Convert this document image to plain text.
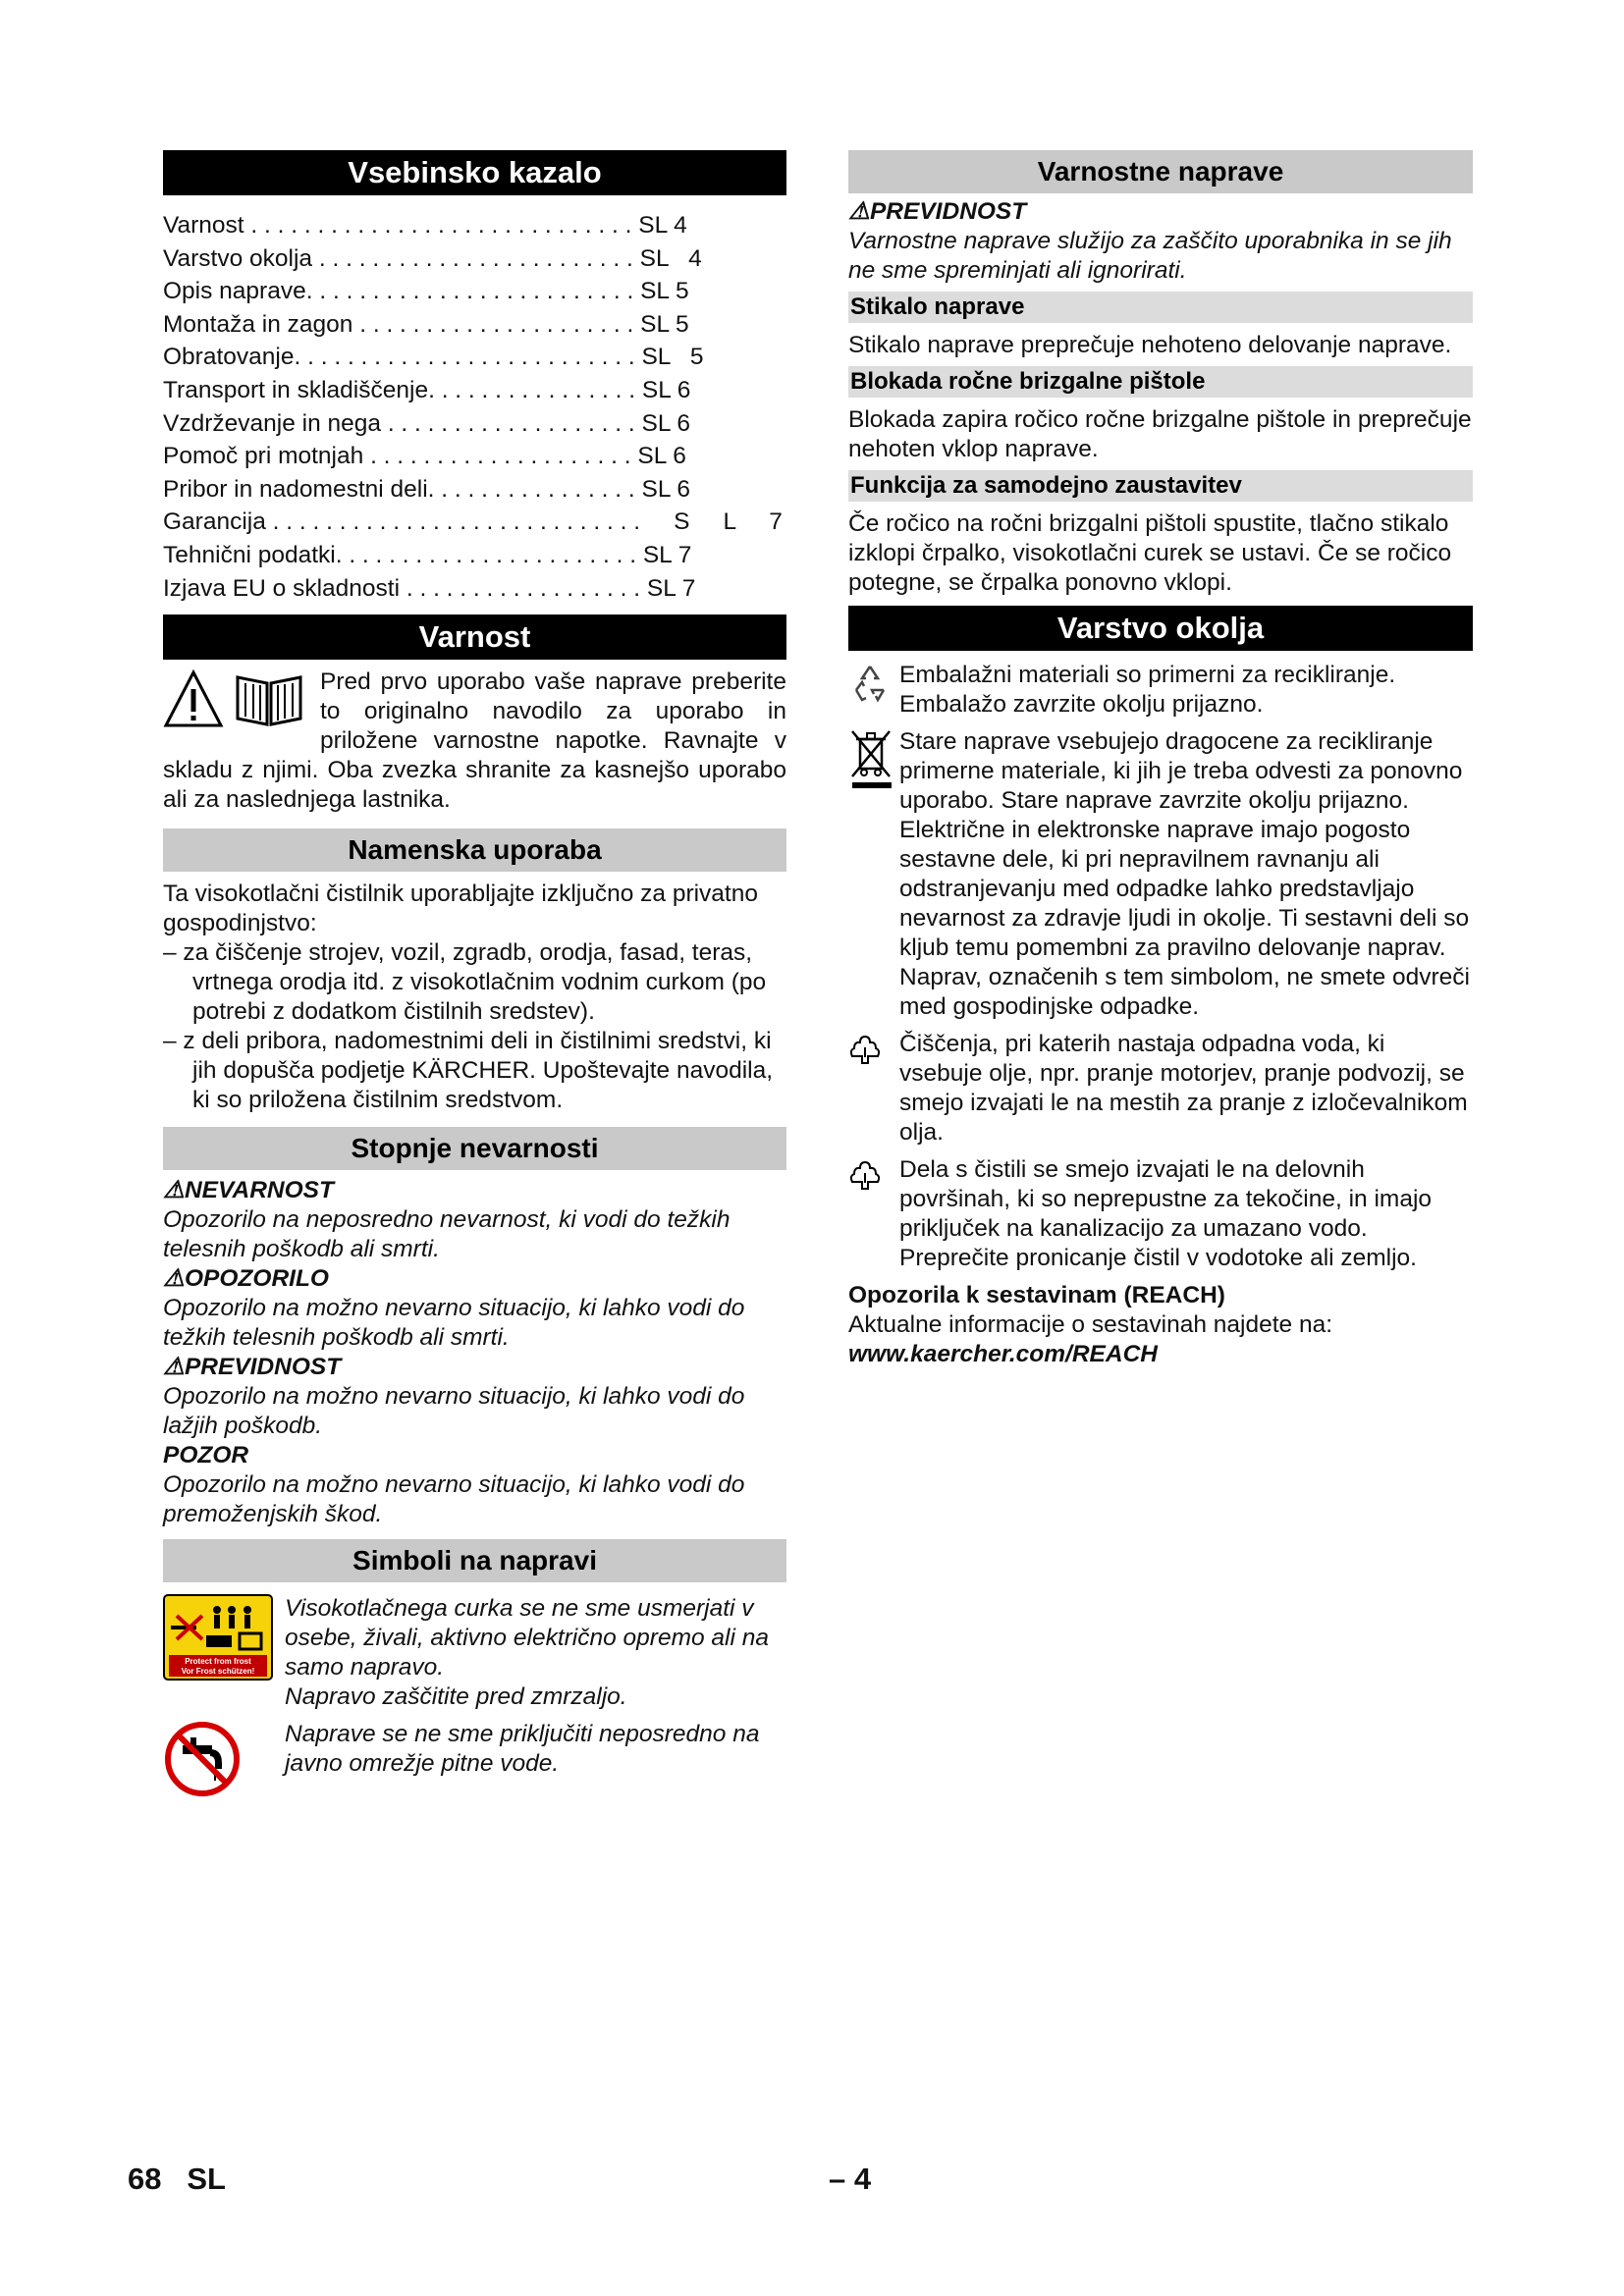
Vsebinsko kazalo
Varnost . . . . . . . . . . . . . . . . . . . . . . . . . . . . . SL 4
Varstvo okolja . . . . . . . . . . . . . . . . . . . . . . . . SL   4
Opis naprave . . . . . . . . . . . . . . . . . . . . . . . . . SL 5
Montaža in zagon . . . . . . . . . . . . . . . . . . . . . SL 5
Obratovanje . . . . . . . . . . . . . . . . . . . . . . . . . . SL   5
Transport in skladiščenje . . . . . . . . . . . . . . . . SL 6
Vzdrževanje in nega . . . . . . . . . . . . . . . . . . . SL 6
Pomoč pri motnjah . . . . . . . . . . . . . . . . . . . . SL 6
Pribor in nadomestni deli . . . . . . . . . . . . . . . . SL 6
Garancija . . . . . . . . . . . . . . . . . . . . . . . . . . . . S     L     7
Tehnični podatki . . . . . . . . . . . . . . . . . . . . . . . SL 7
Izjava EU o skladnosti . . . . . . . . . . . . . . . . . . SL 7
Varnost

Pred prvo uporabo vaše naprave preberite to originalno navodilo za uporabo in priložene varnostne napotke. Ravnajte v skladu z njimi. Oba zvezka shranite za kasnejšo uporabo ali za naslednjega lastnika.

Namenska uporaba

Ta visokotlačni čistilnik uporabljajte izključno za privatno gospodinjstvo:

– za čiščenje strojev, vozil, zgradb, orodja, fasad, teras, vrtnega orodja itd. z visokotlačnim vodnim curkom (po potrebi z dodatkom čistilnih sredstev).

– z deli pribora, nadomestnimi deli in čistilnimi sredstvi, ki jih dopušča podjetje KÄRCHER. Upoštevajte navodila, ki so priložena čistilnim sredstvom.

Stopnje nevarnosti

⚠NEVARNOST

Opozorilo na neposredno nevarnost, ki vodi do težkih telesnih poškodb ali smrti.

⚠OPOZORILO

Opozorilo na možno nevarno situacijo, ki lahko vodi do težkih telesnih poškodb ali smrti.

⚠PREVIDNOST

Opozorilo na možno nevarno situacijo, ki lahko vodi do lažjih poškodb.

POZOR

Opozorilo na možno nevarno situacijo, ki lahko vodi do premoženjskih škod.

Simboli na napravi
Protect from frost
Vor Frost schützen!

Visokotlačnega curka se ne sme usmerjati v osebe, živali, aktivno električno opremo ali na samo napravo.

Napravo zaščitite pred zmrzaljo.

Naprave se ne sme priključiti neposredno na javno omrežje pitne vode.

Varnostne naprave

⚠PREVIDNOST

Varnostne naprave služijo za zaščito uporabnika in se jih ne sme spreminjati ali ignorirati.

Stikalo naprave

Stikalo naprave preprečuje nehoteno delovanje naprave.

Blokada ročne brizgalne pištole

Blokada zapira ročico ročne brizgalne pištole in preprečuje nehoten vklop naprave.

Funkcija za samodejno zaustavitev

Če ročico na ročni brizgalni pištoli spustite, tlačno stikalo izklopi črpalko, visokotlačni curek se ustavi. Če se ročico potegne, se črpalka ponovno vklopi.

Varstvo okolja

Embalažni materiali so primerni za recikliranje. Embalažo zavrzite okolju prijazno.

Stare naprave vsebujejo dragocene za recikliranje primerne materiale, ki jih je treba odvesti za ponovno uporabo. Stare naprave zavrzite okolju prijazno.

Električne in elektronske naprave imajo pogosto sestavne dele, ki pri nepravilnem ravnanju ali odstranjevanju med odpadke lahko predstavljajo nevarnost za zdravje ljudi in okolje. Ti sestavni deli so kljub temu pomembni za pravilno delovanje naprav. Naprav, označenih s tem simbolom, ne smete odvreči med gospodinjske odpadke.

Čiščenja, pri katerih nastaja odpadna voda, ki vsebuje olje, npr. pranje motorjev, pranje podvozij, se smejo izvajati le na mestih za pranje z izločevalnikom olja.

Dela s čistili se smejo izvajati le na delovnih površinah, ki so neprepustne za tekočine, in imajo priključek na kanalizacijo za umazano vodo. Preprečite pronicanje čistil v vodotoke ali zemljo.

Opozorila k sestavinam (REACH)

Aktualne informacije o sestavinah najdete na:

www.kaercher.com/REACH

68   SL	– 4
